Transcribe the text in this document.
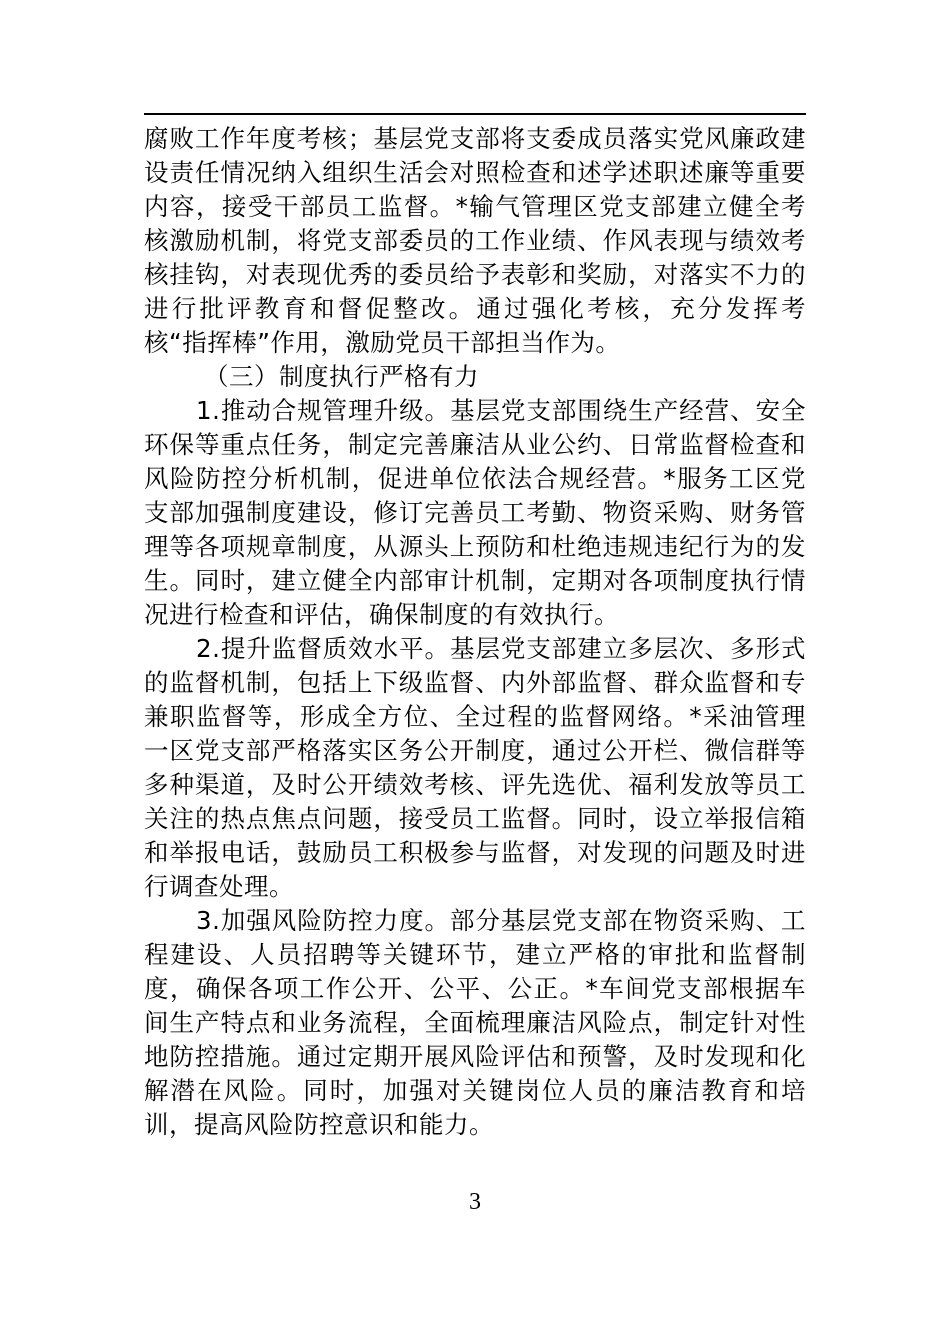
腐败工作年度考核；基层党支部将支委成员落实党风廉政建设责任情况纳入组织生活会对照检查和述学述职述廉等重要内容，接受干部员工监督。*输气管理区党支部建立健全考核激励机制，将党支部委员的工作业绩、作风表现与绩效考核挂钩，对表现优秀的委员给予表彰和奖励，对落实不力的进行批评教育和督促整改。通过强化考核，充分发挥考核“指挥棒”作用，激励党员干部担当作为。

（三）制度执行严格有力

1.推动合规管理升级。基层党支部围绕生产经营、安全环保等重点任务，制定完善廉洁从业公约、日常监督检查和风险防控分析机制，促进单位依法合规经营。*服务工区党支部加强制度建设，修订完善员工考勤、物资采购、财务管理等各项规章制度，从源头上预防和杜绝违规违纪行为的发生。同时，建立健全内部审计机制，定期对各项制度执行情况进行检查和评估，确保制度的有效执行。

2.提升监督质效水平。基层党支部建立多层次、多形式的监督机制，包括上下级监督、内外部监督、群众监督和专兼职监督等，形成全方位、全过程的监督网络。*采油管理一区党支部严格落实区务公开制度，通过公开栏、微信群等多种渠道，及时公开绩效考核、评先选优、福利发放等员工关注的热点焦点问题，接受员工监督。同时，设立举报信箱和举报电话，鼓励员工积极参与监督，对发现的问题及时进行调查处理。

3.加强风险防控力度。部分基层党支部在物资采购、工程建设、人员招聘等关键环节，建立严格的审批和监督制度，确保各项工作公开、公平、公正。*车间党支部根据车间生产特点和业务流程，全面梳理廉洁风险点，制定针对性地防控措施。通过定期开展风险评估和预警，及时发现和化解潜在风险。同时，加强对关键岗位人员的廉洁教育和培训，提高风险防控意识和能力。

3
